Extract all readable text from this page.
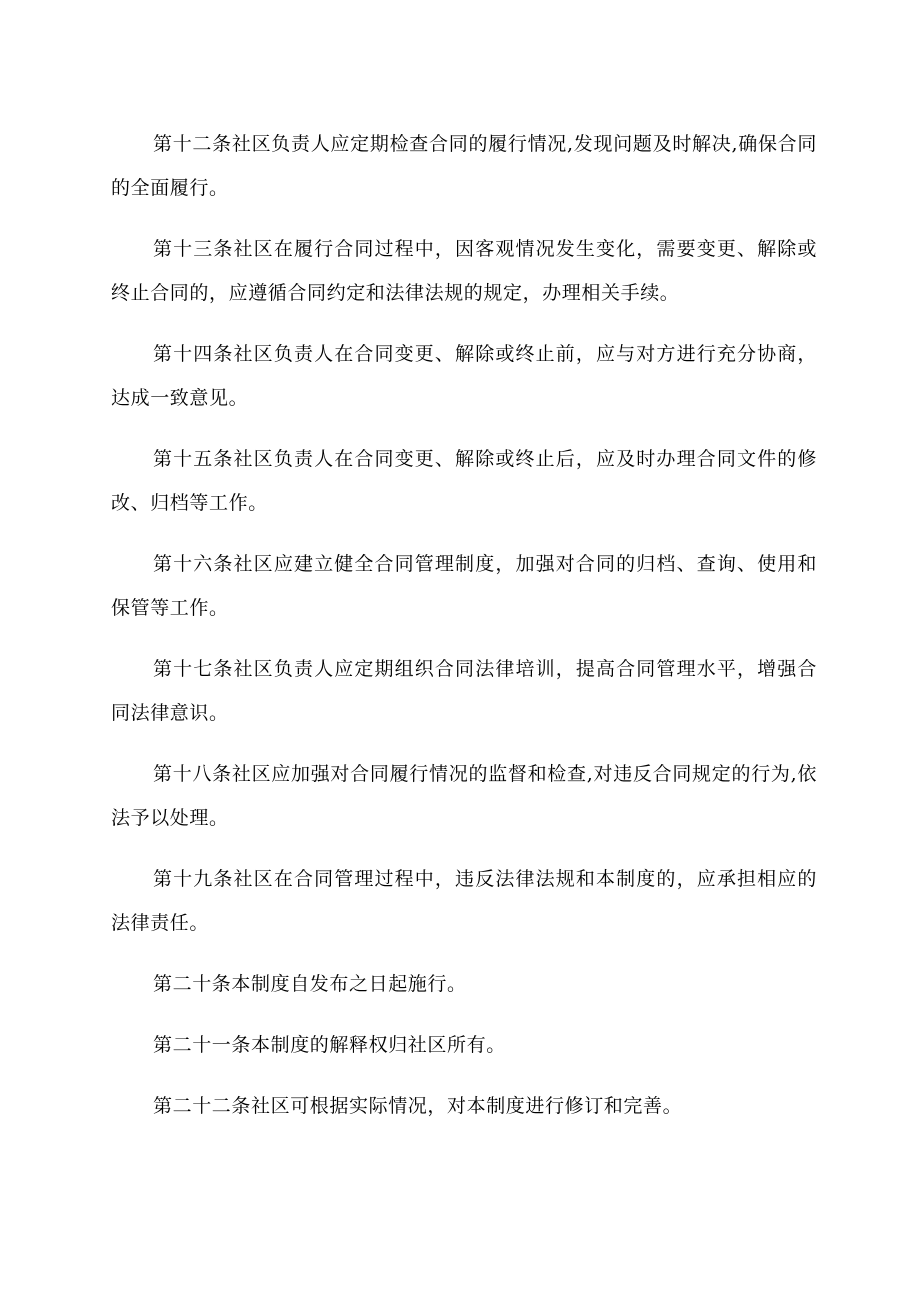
第十二条社区负责人应定期检查合同的履行情况,发现问题及时解决,确保合同的全面履行。

第十三条社区在履行合同过程中，因客观情况发生变化，需要变更、解除或终止合同的，应遵循合同约定和法律法规的规定，办理相关手续。

第十四条社区负责人在合同变更、解除或终止前，应与对方进行充分协商，达成一致意见。

第十五条社区负责人在合同变更、解除或终止后，应及时办理合同文件的修改、归档等工作。

第十六条社区应建立健全合同管理制度，加强对合同的归档、查询、使用和保管等工作。

第十七条社区负责人应定期组织合同法律培训，提高合同管理水平，增强合同法律意识。

第十八条社区应加强对合同履行情况的监督和检查,对违反合同规定的行为,依法予以处理。

第十九条社区在合同管理过程中，违反法律法规和本制度的，应承担相应的法律责任。

第二十条本制度自发布之日起施行。

第二十一条本制度的解释权归社区所有。

第二十二条社区可根据实际情况，对本制度进行修订和完善。
